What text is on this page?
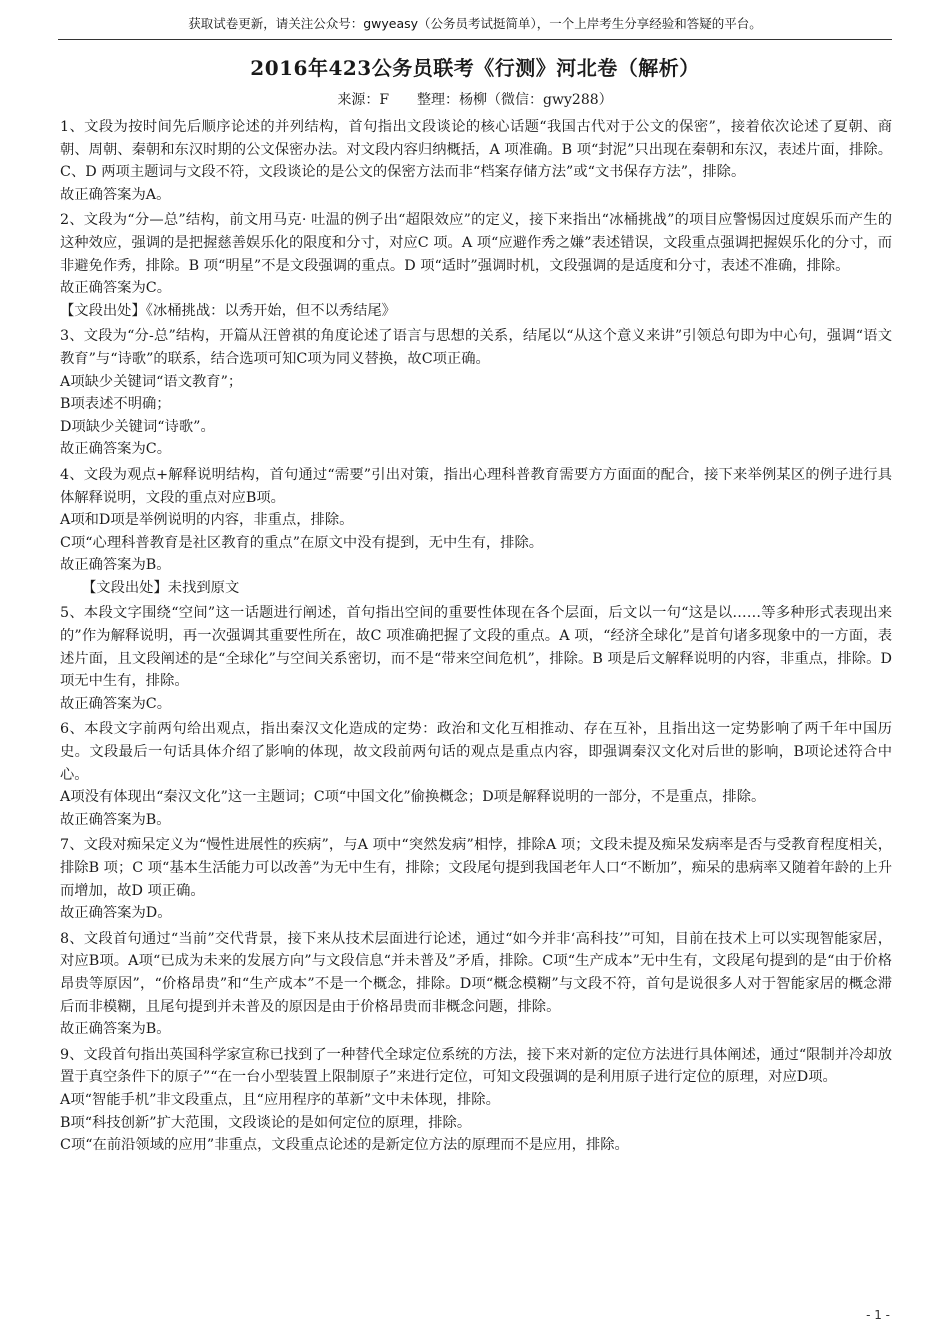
获取试卷更新，请关注公众号：gwyeasy（公务员考试挺简单），一个上岸考生分享经验和答疑的平台。
2016年423公务员联考《行测》河北卷（解析）
来源：F　　整理：杨柳（微信：gwy288）

1、文段为按时间先后顺序论述的并列结构，首句指出文段谈论的核心话题“我国古代对于公文的保密”，接着依次论述了夏朝、商朝、周朝、秦朝和东汉时期的公文保密办法。对文段内容归纳概括，A 项准确。B 项“封泥”只出现在秦朝和东汉，表述片面，排除。C、D 两项主题词与文段不符，文段谈论的是公文的保密方法而非“档案存储方法”或“文书保存方法”，排除。

故正确答案为A。

2、文段为“分—总”结构，前文用马克· 吐温的例子出“超限效应”的定义，接下来指出“冰桶挑战”的项目应警惕因过度娱乐而产生的这种效应，强调的是把握慈善娱乐化的限度和分寸，对应C 项。A 项“应避作秀之嫌”表述错误，文段重点强调把握娱乐化的分寸，而非避免作秀，排除。B 项“明星”不是文段强调的重点。D 项“适时”强调时机，文段强调的是适度和分寸，表述不准确，排除。

故正确答案为C。

【文段出处】《冰桶挑战：以秀开始，但不以秀结尾》

3、文段为“分-总”结构，开篇从汪曾祺的角度论述了语言与思想的关系，结尾以“从这个意义来讲”引领总句即为中心句，强调“语文教育”与“诗歌”的联系，结合选项可知C项为同义替换，故C项正确。

A项缺少关键词“语文教育”；

B项表述不明确；

D项缺少关键词“诗歌”。

故正确答案为C。

4、文段为观点+解释说明结构，首句通过“需要”引出对策，指出心理科普教育需要方方面面的配合，接下来举例某区的例子进行具体解释说明，文段的重点对应B项。

A项和D项是举例说明的内容，非重点，排除。

C项“心理科普教育是社区教育的重点”在原文中没有提到，无中生有，排除。

故正确答案为B。

【文段出处】未找到原文

5、本段文字围绕“空间”这一话题进行阐述，首句指出空间的重要性体现在各个层面，后文以一句“这是以……等多种形式表现出来的”作为解释说明，再一次强调其重要性所在，故C 项准确把握了文段的重点。A 项，“经济全球化”是首句诸多现象中的一方面，表述片面，且文段阐述的是“全球化”与空间关系密切，而不是“带来空间危机”，排除。B 项是后文解释说明的内容，非重点，排除。D 项无中生有，排除。

故正确答案为C。

6、本段文字前两句给出观点，指出秦汉文化造成的定势：政治和文化互相推动、存在互补，且指出这一定势影响了两千年中国历史。文段最后一句话具体介绍了影响的体现，故文段前两句话的观点是重点内容，即强调秦汉文化对后世的影响，B项论述符合中心。

A项没有体现出“秦汉文化”这一主题词；C项“中国文化”偷换概念；D项是解释说明的一部分，不是重点，排除。

故正确答案为B。

7、文段对痴呆定义为“慢性进展性的疾病”，与A 项中“突然发病”相悖，排除A 项；文段未提及痴呆发病率是否与受教育程度相关，排除B 项；C 项“基本生活能力可以改善”为无中生有，排除；文段尾句提到我国老年人口“不断加”，痴呆的患病率又随着年龄的上升而增加，故D 项正确。

故正确答案为D。

8、文段首句通过“当前”交代背景，接下来从技术层面进行论述，通过“如今并非‘高科技’”可知，目前在技术上可以实现智能家居，对应B项。A项“已成为未来的发展方向”与文段信息“并未普及”矛盾，排除。C项“生产成本”无中生有，文段尾句提到的是“由于价格昂贵等原因”，“价格昂贵”和“生产成本”不是一个概念，排除。D项“概念模糊”与文段不符，首句是说很多人对于智能家居的概念滞后而非模糊，且尾句提到并未普及的原因是由于价格昂贵而非概念问题，排除。

故正确答案为B。

9、文段首句指出英国科学家宣称已找到了一种替代全球定位系统的方法，接下来对新的定位方法进行具体阐述，通过“限制并冷却放置于真空条件下的原子”“在一台小型装置上限制原子”来进行定位，可知文段强调的是利用原子进行定位的原理，对应D项。

A项“智能手机”非文段重点，且“应用程序的革新”文中未体现，排除。

B项“科技创新”扩大范围，文段谈论的是如何定位的原理，排除。

C项“在前沿领域的应用”非重点，文段重点论述的是新定位方法的原理而不是应用，排除。

- 1 -
